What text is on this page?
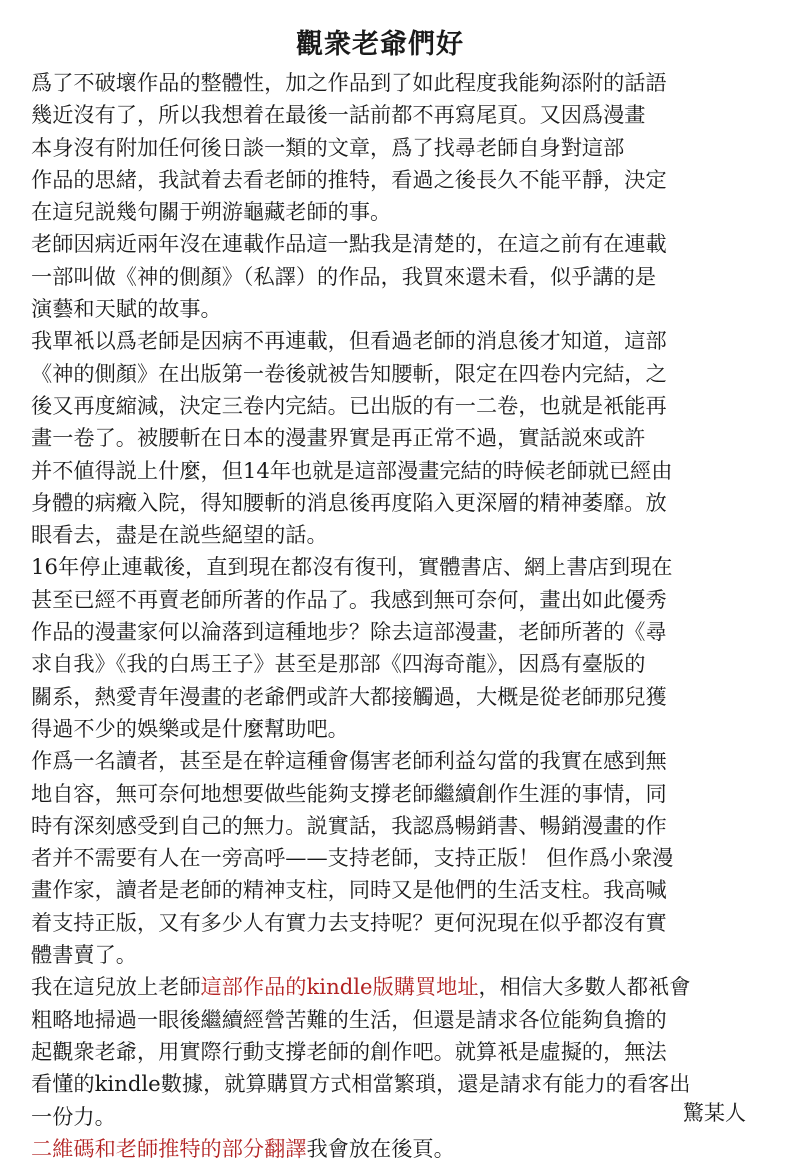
觀衆老爺們好
爲了不破壞作品的整體性，加之作品到了如此程度我能夠添附的話語
幾近沒有了，所以我想着在最後一話前都不再寫尾頁。又因爲漫畫
本身沒有附加任何後日談一類的文章，爲了找尋老師自身對這部
作品的思緒，我試着去看老師的推特，看過之後長久不能平靜，決定
在這兒説幾句關于朔游龜藏老師的事。
老師因病近兩年沒在連載作品這一點我是清楚的，在這之前有在連載
一部叫做《神的側顏》（私譯）的作品，我買來還未看，似乎講的是
演藝和天賦的故事。
我單衹以爲老師是因病不再連載，但看過老師的消息後才知道，這部
《神的側顏》在出版第一卷後就被告知腰斬，限定在四卷内完結，之
後又再度縮減，決定三卷内完結。已出版的有一二卷，也就是衹能再
畫一卷了。被腰斬在日本的漫畫界實是再正常不過，實話説來或許
并不値得説上什麼，但14年也就是這部漫畫完結的時候老師就已經由
身體的病癥入院，得知腰斬的消息後再度陷入更深層的精神萎靡。放
眼看去，盡是在説些絕望的話。
16年停止連載後，直到現在都沒有復刊，實體書店、網上書店到現在
甚至已經不再賣老師所著的作品了。我感到無可奈何，畫出如此優秀
作品的漫畫家何以淪落到這種地步？除去這部漫畫，老師所著的《尋
求自我》《我的白馬王子》甚至是那部《四海奇龍》，因爲有臺版的
關系，熱愛青年漫畫的老爺們或許大都接觸過，大概是從老師那兒獲
得過不少的娛樂或是什麼幫助吧。
作爲一名讀者，甚至是在幹這種會傷害老師利益勾當的我實在感到無
地自容，無可奈何地想要做些能夠支撐老師繼續創作生涯的事情，同
時有深刻感受到自己的無力。説實話，我認爲暢銷書、暢銷漫畫的作
者并不需要有人在一旁高呼——支持老師，支持正版！ 但作爲小衆漫
畫作家，讀者是老師的精神支柱，同時又是他們的生活支柱。我高喊
着支持正版，又有多少人有實力去支持呢？更何況現在似乎都沒有實
體書賣了。
我在這兒放上老師這部作品的kindle版購買地址，相信大多數人都衹會
粗略地掃過一眼後繼續經營苦難的生活，但還是請求各位能夠負擔的
起觀衆老爺，用實際行動支撐老師的創作吧。就算衹是虛擬的，無法
看懂的kindle數據，就算購買方式相當繁瑣，還是請求有能力的看客出
一份力。
二維碼和老師推特的部分翻譯我會放在後頁。
驚某人
